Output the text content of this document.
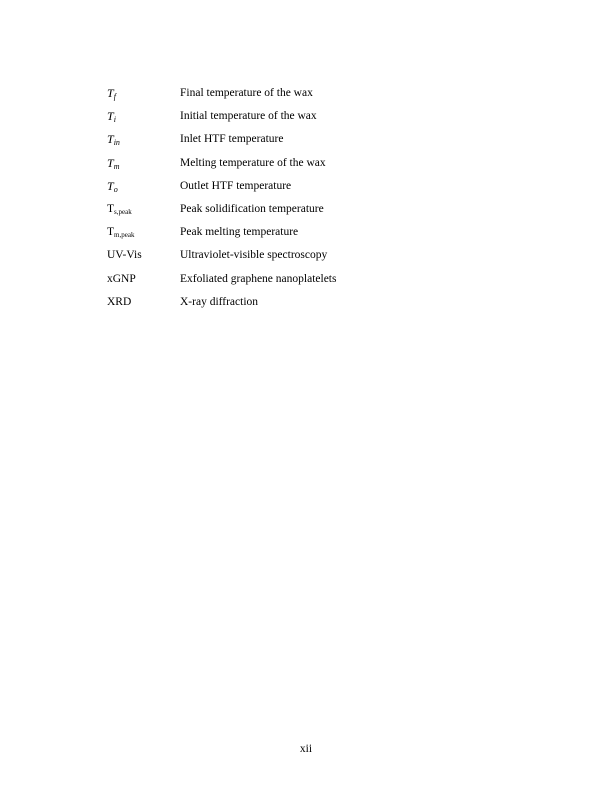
$T_f$	Final temperature of the wax
$T_i$	Initial temperature of the wax
$T_{in}$	Inlet HTF temperature
$T_m$	Melting temperature of the wax
$T_o$	Outlet HTF temperature
$T_{s,peak}$	Peak solidification temperature
$T_{m,peak}$	Peak melting temperature
UV-Vis	Ultraviolet-visible spectroscopy
xGNP	Exfoliated graphene nanoplatelets
XRD	X-ray diffraction
xii
